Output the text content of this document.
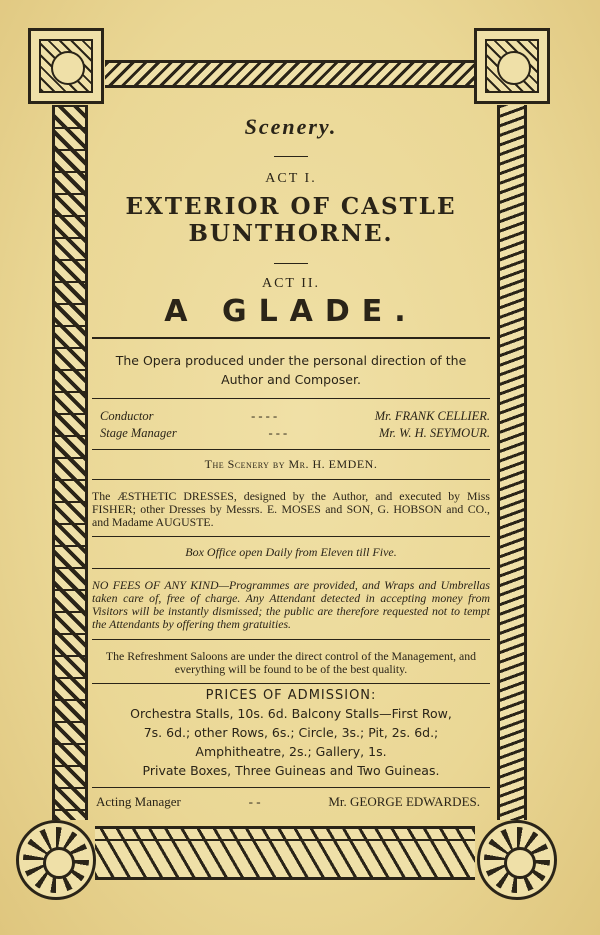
Scenery.
ACT I.
EXTERIOR OF CASTLE BUNTHORNE.
ACT II.
A GLADE.
The Opera produced under the personal direction of the
Author and Composer.
Conductor	- - - -	Mr. FRANK CELLIER.
Stage Manager	- - -	Mr. W. H. SEYMOUR.
The Scenery by Mr. H. EMDEN.
The ÆSTHETIC DRESSES, designed by the Author, and executed by Miss FISHER; other Dresses by Messrs. E. MOSES and SON, G. HOBSON and CO., and Madame AUGUSTE.
Box Office open Daily from Eleven till Five.
NO FEES OF ANY KIND—Programmes are provided, and Wraps and Umbrellas taken care of, free of charge. Any Attendant detected in accepting money from Visitors will be instantly dismissed; the public are therefore requested not to tempt the Attendants by offering them gratuities.
The Refreshment Saloons are under the direct control of the Management, and everything will be found to be of the best quality.
PRICES OF ADMISSION:
Orchestra Stalls, 10s. 6d. Balcony Stalls—First Row,
7s. 6d.; other Rows, 6s.; Circle, 3s.; Pit, 2s. 6d.;
Amphitheatre, 2s.; Gallery, 1s.
Private Boxes, Three Guineas and Two Guineas.
Acting Manager	- -	Mr. GEORGE EDWARDES.
